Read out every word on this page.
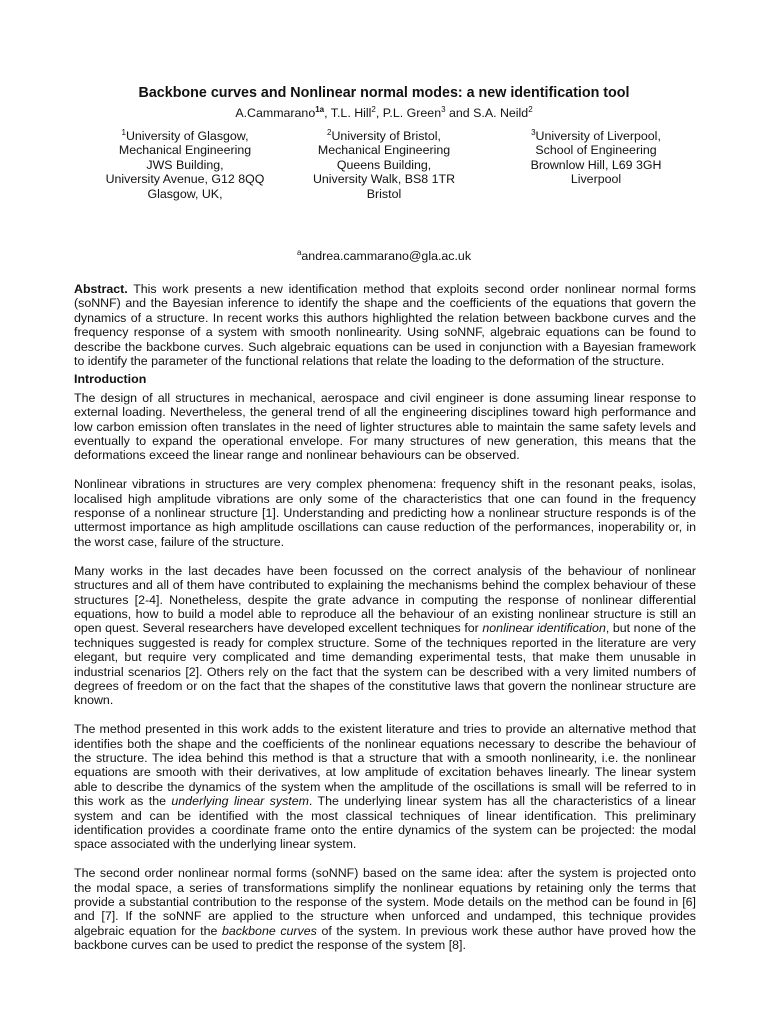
Backbone curves and Nonlinear normal modes: a new identification tool
A.Cammarano$^{1a}$, T.L. Hill$^2$, P.L. Green$^3$ and S.A. Neild$^2$
$^1$University of Glasgow,
Mechanical Engineering
JWS Building,
University Avenue, G12 8QQ
Glasgow, UK,
$^2$University of Bristol,
Mechanical Engineering
Queens Building,
University Walk, BS8 1TR
Bristol
$^3$University of Liverpool,
School of Engineering
Brownlow Hill, L69 3GH
Liverpool
$^a$andrea.cammarano@gla.ac.uk

Abstract. This work presents a new identification method that exploits second order nonlinear normal forms (soNNF) and the Bayesian inference to identify the shape and the coefficients of the equations that govern the dynamics of a structure. In recent works this authors highlighted the relation between backbone curves and the frequency response of a system with smooth nonlinearity. Using soNNF, algebraic equations can be found to describe the backbone curves. Such algebraic equations can be used in conjunction with a Bayesian framework to identify the parameter of the functional relations that relate the loading to the deformation of the structure.

Introduction

The design of all structures in mechanical, aerospace and civil engineer is done assuming linear response to external loading. Nevertheless, the general trend of all the engineering disciplines toward high performance and low carbon emission often translates in the need of lighter structures able to maintain the same safety levels and eventually to expand the operational envelope. For many structures of new generation, this means that the deformations exceed the linear range and nonlinear behaviours can be observed.

Nonlinear vibrations in structures are very complex phenomena: frequency shift in the resonant peaks, isolas, localised high amplitude vibrations are only some of the characteristics that one can found in the frequency response of a nonlinear structure [1]. Understanding and predicting how a nonlinear structure responds is of the uttermost importance as high amplitude oscillations can cause reduction of the performances, inoperability or, in the worst case, failure of the structure.

Many works in the last decades have been focussed on the correct analysis of the behaviour of nonlinear structures and all of them have contributed to explaining the mechanisms behind the complex behaviour of these structures [2-4]. Nonetheless, despite the grate advance in computing the response of nonlinear differential equations, how to build a model able to reproduce all the behaviour of an existing nonlinear structure is still an open quest. Several researchers have developed excellent techniques for nonlinear identification, but none of the techniques suggested is ready for complex structure. Some of the techniques reported in the literature are very elegant, but require very complicated and time demanding experimental tests, that make them unusable in industrial scenarios [2]. Others rely on the fact that the system can be described with a very limited numbers of degrees of freedom or on the fact that the shapes of the constitutive laws that govern the nonlinear structure are known.

The method presented in this work adds to the existent literature and tries to provide an alternative method that identifies both the shape and the coefficients of the nonlinear equations necessary to describe the behaviour of the structure. The idea behind this method is that a structure that with a smooth nonlinearity, i.e. the nonlinear equations are smooth with their derivatives, at low amplitude of excitation behaves linearly. The linear system able to describe the dynamics of the system when the amplitude of the oscillations is small will be referred to in this work as the underlying linear system. The underlying linear system has all the characteristics of a linear system and can be identified with the most classical techniques of linear identification. This preliminary identification provides a coordinate frame onto the entire dynamics of the system can be projected: the modal space associated with the underlying linear system.

The second order nonlinear normal forms (soNNF) based on the same idea: after the system is projected onto the modal space, a series of transformations simplify the nonlinear equations by retaining only the terms that provide a substantial contribution to the response of the system. Mode details on the method can be found in [6] and [7]. If the soNNF are applied to the structure when unforced and undamped, this technique provides algebraic equation for the backbone curves of the system. In previous work these author have proved how the backbone curves can be used to predict the response of the system [8].
